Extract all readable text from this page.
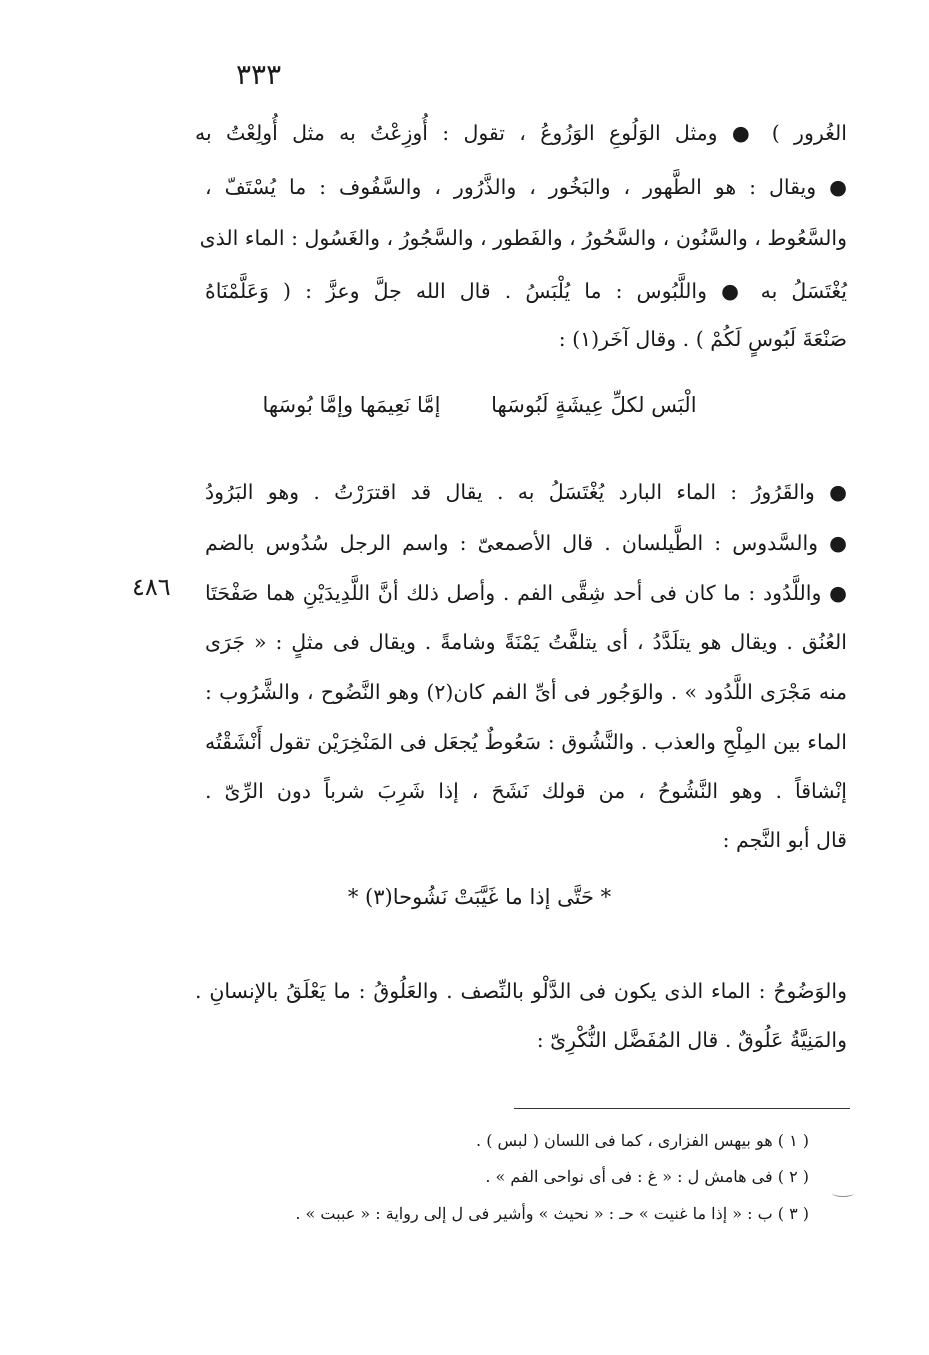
٣٣٣
الغُرور ) ● ومثل الوَلُوعِ الوَزُوعُ ، تقول : أُوزِعْتُ به مثل أُولِعْتُ به
● ويقال : هو الطَّهور ، والبَخُور ، والذَّرُور ، والسَّفُوف : ما يُسْتَفّ ،
والسَّعُوط ، والسَّنُون ، والسَّحُورُ ، والفَطور ، والسَّجُورُ ، والغَسُول : الماء الذى
يُغْتَسَلُ به ● واللَّبُوس : ما يُلْبَسُ . قال الله جلَّ وعزَّ : ( وَعَلَّمْنَاهُ
صَنْعَةَ لَبُوسٍ لَكُمْ ) . وقال آخَر(١) :
الْبَس لكلِّ عِيشَةٍ لَبُوسَها إمَّا نَعِيمَها وإمَّا بُوسَها
● والقَرُورُ : الماء البارد يُغْتَسَلُ به . يقال قد اقترَرْتُ . وهو البَرُودُ
● والسَّدوس : الطَّيلسان . قال الأصمعىّ : واسم الرجل سُدُوس بالضم
٤٨٦ ● واللَّدُود : ما كان فى أحد شِقَّى الفم . وأصل ذلك أنَّ اللَّدِيدَيْنِ هما صَفْحَتَا
العُنُق . ويقال هو يتلَدَّدُ ، أى يتلفَّتُ يَمْنَةً وشامةً . ويقال فى مثلٍ : « جَرَى
منه مَجْرَى اللَّدُود » . والوَجُور فى أىِّ الفم كان(٢) وهو النَّضُوح ، والشَّرُوب :
الماء بين المِلْحِ والعذب . والنَّشُوق : سَعُوطٌ يُجعَل فى المَنْخِرَيْن تقول أَنْشَقْتُه
إنْشاقاً . وهو النَّشُوحُ ، من قولك نَشَحَ ، إذا شَرِبَ شرباً دون الرِّىّ .
قال أبو النَّجم :
* حَتَّى إذا ما غَيَّبَتْ نَشُوحا(٣) *
والوَضُوحُ : الماء الذى يكون فى الدَّلْو بالنِّصف . والعَلُوقُ : ما يَعْلَقُ بالإنسانِ .
والمَنِيَّةُ عَلُوقٌ . قال المُفَضَّل النُّكْرِىّ :
( ١ ) هو بيهس الفزارى ، كما فى اللسان ( لبس ) .
( ٢ ) فى هامش ل : « غ : فى أى نواحى الفم » .
( ٣ ) ب : « إذا ما غنيت » حـ : « نحيث » وأشير فى ل إلى رواية : « عببت » .
